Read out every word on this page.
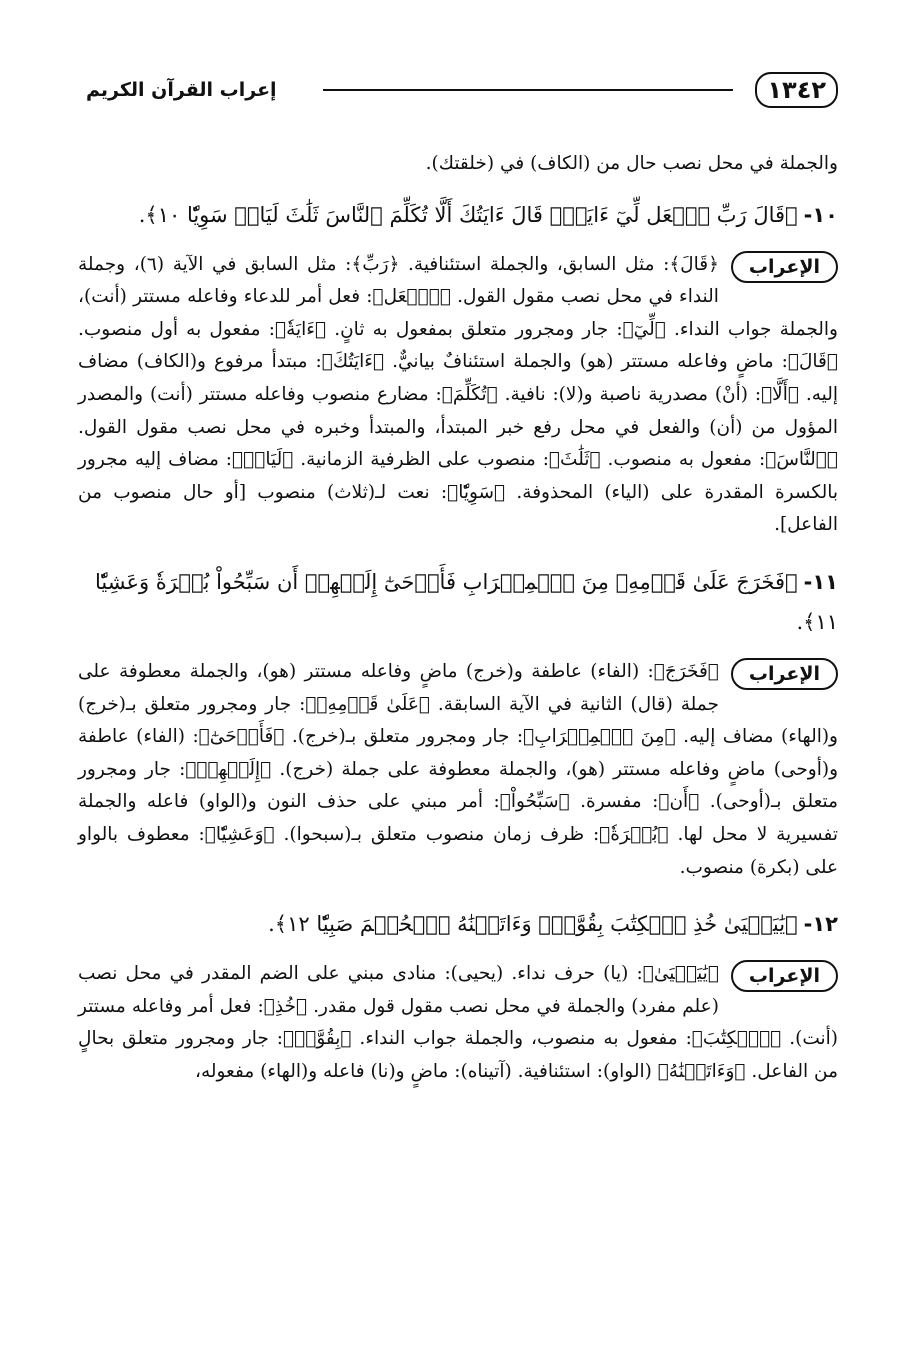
١٣٤٢
إعراب القرآن الكريم

والجملة في محل نصب حال من (الكاف) في (خلقتك).

١٠-﴿قَالَ رَبِّ ٱجۡعَل لِّيٓ ءَايَةٗۚ قَالَ ءَايَتُكَ أَلَّا تُكَلِّمَ ٱلنَّاسَ ثَلَٰثَ لَيَالٖ سَوِيّٗا ١٠﴾.

الإعراب
﴿قَالَ﴾: مثل السابق، والجملة استئنافية. ﴿رَبِّ﴾: مثل السابق في الآية (٦)، وجملة النداء في محل نصب مقول القول. ﴿ٱجۡعَل﴾: فعل أمر للدعاء وفاعله مستتر (أنت)، والجملة جواب النداء. ﴿لِّيٓ﴾: جار ومجرور متعلق بمفعول به ثانٍ. ﴿ءَايَةٗ﴾: مفعول به أول منصوب. ﴿قَالَ﴾: ماضٍ وفاعله مستتر (هو) والجملة استئنافٌ بيانيٌّ. ﴿ءَايَتُكَ﴾: مبتدأ مرفوع و(الكاف) مضاف إليه. ﴿أَلَّا﴾: (أنْ) مصدرية ناصبة و(لا): نافية. ﴿تُكَلِّمَ﴾: مضارع منصوب وفاعله مستتر (أنت) والمصدر المؤول من (أن) والفعل في محل رفع خبر المبتدأ، والمبتدأ وخبره في محل نصب مقول القول. ﴿ٱلنَّاسَ﴾: مفعول به منصوب. ﴿ثَلَٰثَ﴾: منصوب على الظرفية الزمانية. ﴿لَيَالٖ﴾: مضاف إليه مجرور بالكسرة المقدرة على (الياء) المحذوفة. ﴿سَوِيّٗا﴾: نعت لـ(ثلاث) منصوب [أو حال منصوب من الفاعل].

١١-﴿فَخَرَجَ عَلَىٰ قَوۡمِهِۦ مِنَ ٱلۡمِحۡرَابِ فَأَوۡحَىٰٓ إِلَيۡهِمۡ أَن سَبِّحُواْ بُكۡرَةٗ وَعَشِيّٗا ١١﴾.

الإعراب
﴿فَخَرَجَ﴾: (الفاء) عاطفة و(خرج) ماضٍ وفاعله مستتر (هو)، والجملة معطوفة على جملة (قال) الثانية في الآية السابقة. ﴿عَلَىٰ قَوۡمِهِۦ﴾: جار ومجرور متعلق بـ(خرج) و(الهاء) مضاف إليه. ﴿مِنَ ٱلۡمِحۡرَابِ﴾: جار ومجرور متعلق بـ(خرج). ﴿فَأَوۡحَىٰٓ﴾: (الفاء) عاطفة و(أوحى) ماضٍ وفاعله مستتر (هو)، والجملة معطوفة على جملة (خرج). ﴿إِلَيۡهِمۡ﴾: جار ومجرور متعلق بـ(أوحى). ﴿أَن﴾: مفسرة. ﴿سَبِّحُواْ﴾: أمر مبني على حذف النون و(الواو) فاعله والجملة تفسيرية لا محل لها. ﴿بُكۡرَةٗ﴾: ظرف زمان منصوب متعلق بـ(سبحوا). ﴿وَعَشِيّٗا﴾: معطوف بالواو على (بكرة) منصوب.

١٢-﴿يَٰيَحۡيَىٰ خُذِ ٱلۡكِتَٰبَ بِقُوَّةٖۖ وَءَاتَيۡنَٰهُ ٱلۡحُكۡمَ صَبِيّٗا ١٢﴾.

الإعراب
﴿يَٰيَحۡيَىٰ﴾: (يا) حرف نداء. (يحيى): منادى مبني على الضم المقدر في محل نصب (علم مفرد) والجملة في محل نصب مقول قول مقدر. ﴿خُذِ﴾: فعل أمر وفاعله مستتر (أنت). ﴿ٱلۡكِتَٰبَ﴾: مفعول به منصوب، والجملة جواب النداء. ﴿بِقُوَّةٖ﴾: جار ومجرور متعلق بحالٍ من الفاعل. ﴿وَءَاتَيۡنَٰهُ﴾ (الواو): استئنافية. (آتيناه): ماضٍ و(نا) فاعله و(الهاء) مفعوله،
